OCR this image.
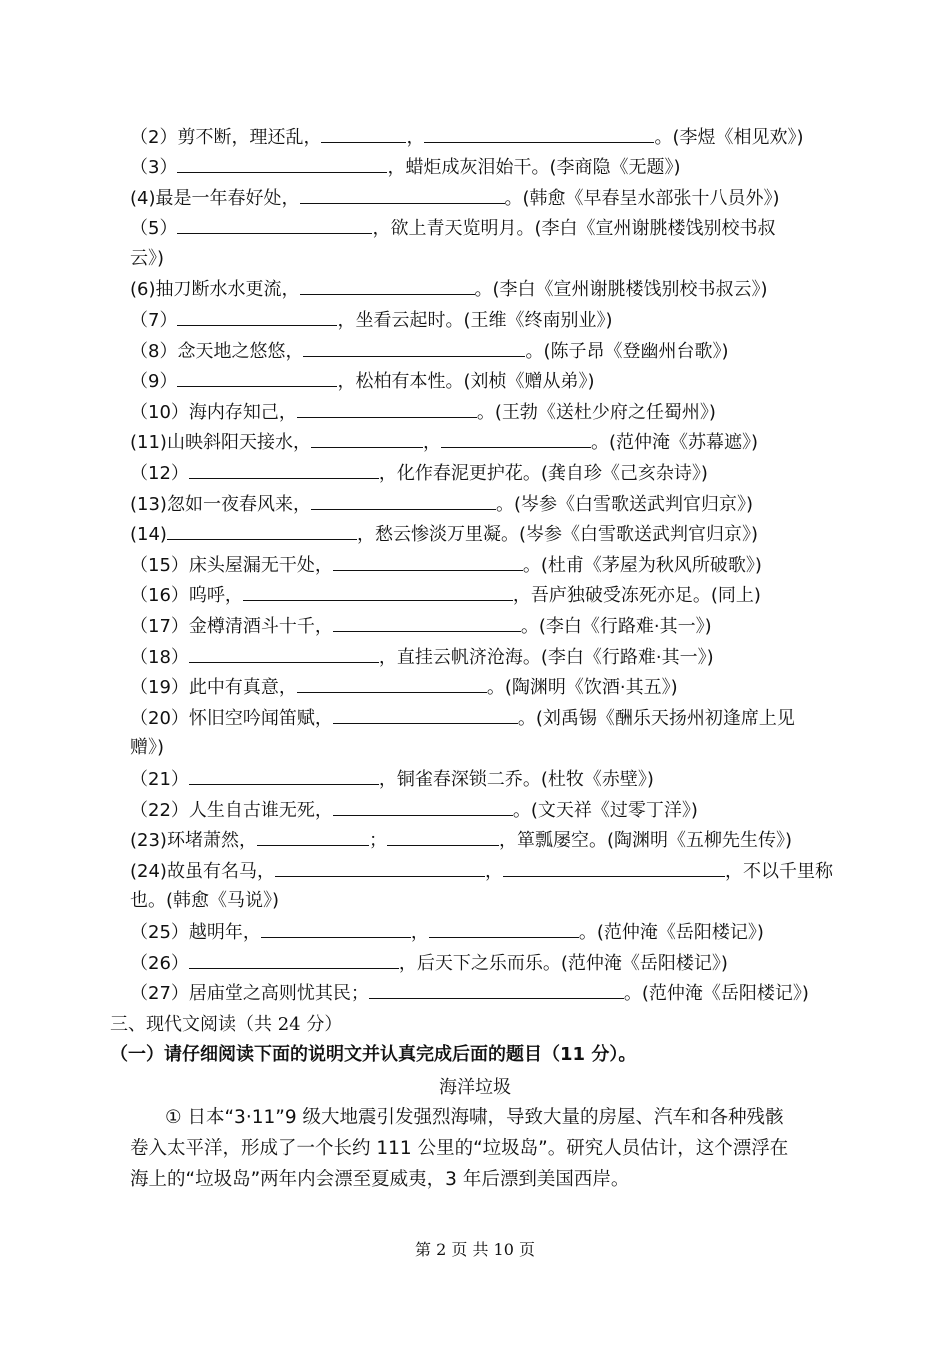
（2）剪不断，理还乱，	，	。(李煜《相见欢》)
（3）	，蜡炬成灰泪始干。(李商隐《无题》)
(4)最是一年春好处，	。(韩愈《早春呈水部张十八员外》)
（5）	，欲上青天览明月。(李白《宣州谢朓楼饯别校书叔
云》)
(6)抽刀断水水更流，	。(李白《宣州谢朓楼饯别校书叔云》)
（7）	，坐看云起时。(王维《终南别业》)
（8）念天地之悠悠，	。(陈子昂《登幽州台歌》)
（9）	，松柏有本性。(刘桢《赠从弟》)
（10）海内存知己，	。(王勃《送杜少府之任蜀州》)
(11)山映斜阳天接水，	，	。(范仲淹《苏幕遮》)
（12）	，化作春泥更护花。(龚自珍《己亥杂诗》)
(13)忽如一夜春风来，	。(岑参《白雪歌送武判官归京》)
(14)	，愁云惨淡万里凝。(岑参《白雪歌送武判官归京》)
（15）床头屋漏无干处，	。(杜甫《茅屋为秋风所破歌》)
（16）呜呼，	，吾庐独破受冻死亦足。(同上)
（17）金樽清酒斗十千，	。(李白《行路难·其一》)
（18）	，直挂云帆济沧海。(李白《行路难·其一》)
（19）此中有真意，	。(陶渊明《饮酒·其五》)
（20）怀旧空吟闻笛赋，	。(刘禹锡《酬乐天扬州初逢席上见
赠》)
（21）	，铜雀春深锁二乔。(杜牧《赤壁》)
（22）人生自古谁无死，	。(文天祥《过零丁洋》)
(23)环堵萧然，	；	，箪瓢屡空。(陶渊明《五柳先生传》)
(24)故虽有名马，	，	，不以千里称
也。(韩愈《马说》)
（25）越明年，	，	。(范仲淹《岳阳楼记》)
（26）	，后天下之乐而乐。(范仲淹《岳阳楼记》)
（27）居庙堂之高则忧其民；	。(范仲淹《岳阳楼记》)
三、现代文阅读（共 24 分）
（一）请仔细阅读下面的说明文并认真完成后面的题目（11 分）。
海洋垃圾
① 日本“3·11”9 级大地震引发强烈海啸，导致大量的房屋、汽车和各种残骸
卷入太平洋，形成了一个长约 111 公里的“垃圾岛”。研究人员估计，这个漂浮在
海上的“垃圾岛”两年内会漂至夏威夷，3 年后漂到美国西岸。
第 2 页 共 10 页
